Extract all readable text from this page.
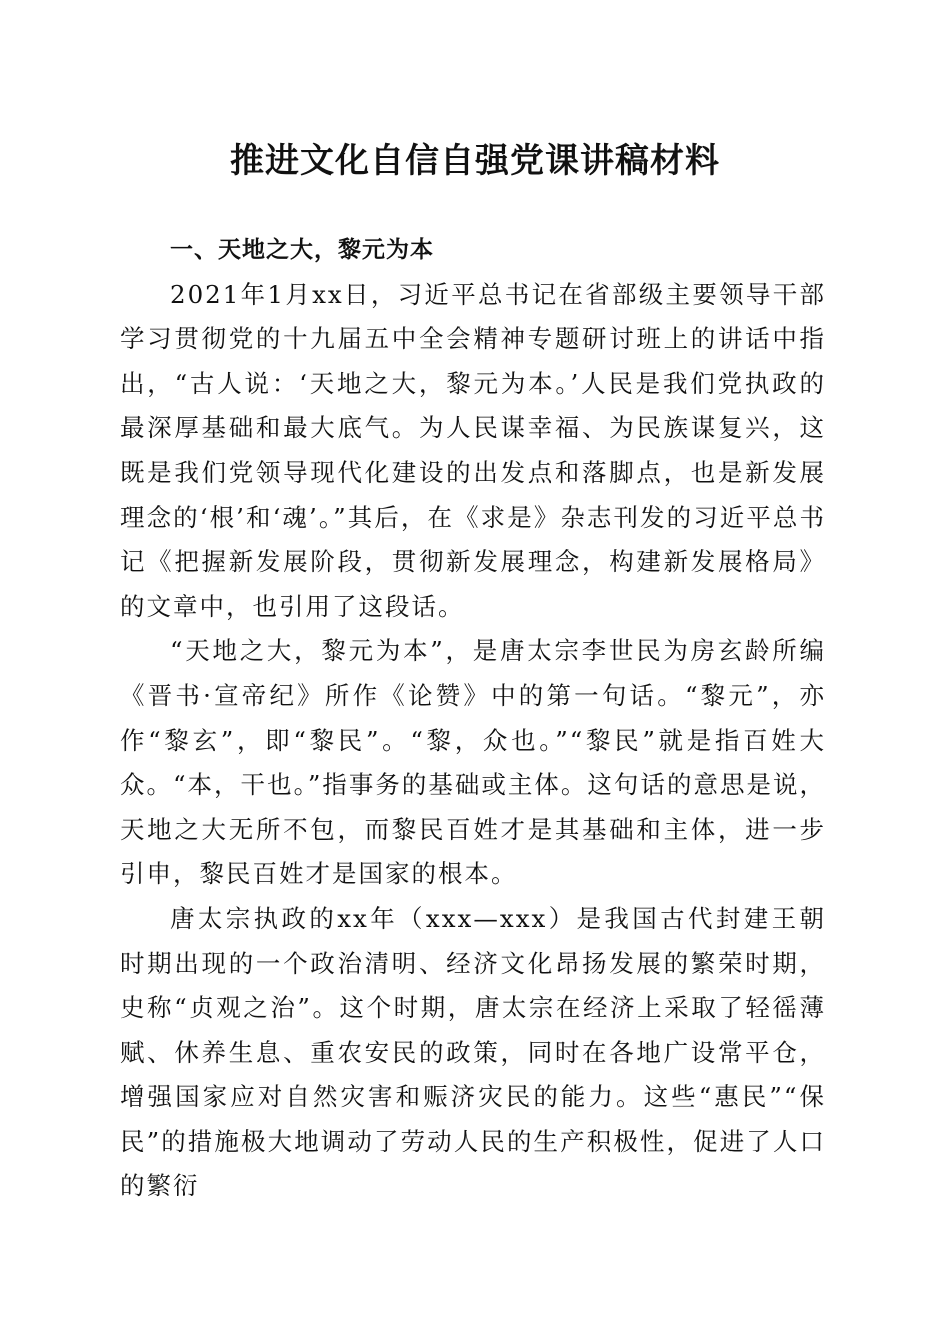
推进文化自信自强党课讲稿材料

一、天地之大，黎元为本

2021年1月xx日，习近平总书记在省部级主要领导干部学习贯彻党的十九届五中全会精神专题研讨班上的讲话中指出，“古人说：‘天地之大，黎元为本。’人民是我们党执政的最深厚基础和最大底气。为人民谋幸福、为民族谋复兴，这既是我们党领导现代化建设的出发点和落脚点，也是新发展理念的‘根’和‘魂’。”其后，在《求是》杂志刊发的习近平总书记《把握新发展阶段，贯彻新发展理念，构建新发展格局》的文章中，也引用了这段话。

“天地之大，黎元为本”，是唐太宗李世民为房玄龄所编《晋书·宣帝纪》所作《论赞》中的第一句话。“黎元”，亦作“黎玄”，即“黎民”。“黎，众也。”“黎民”就是指百姓大众。“本，干也。”指事务的基础或主体。这句话的意思是说，天地之大无所不包，而黎民百姓才是其基础和主体，进一步引申，黎民百姓才是国家的根本。

唐太宗执政的xx年（xxx—xxx）是我国古代封建王朝时期出现的一个政治清明、经济文化昂扬发展的繁荣时期，史称“贞观之治”。这个时期，唐太宗在经济上采取了轻徭薄赋、休养生息、重农安民的政策，同时在各地广设常平仓，增强国家应对自然灾害和赈济灾民的能力。这些“惠民”“保民”的措施极大地调动了劳动人民的生产积极性，促进了人口的繁衍
